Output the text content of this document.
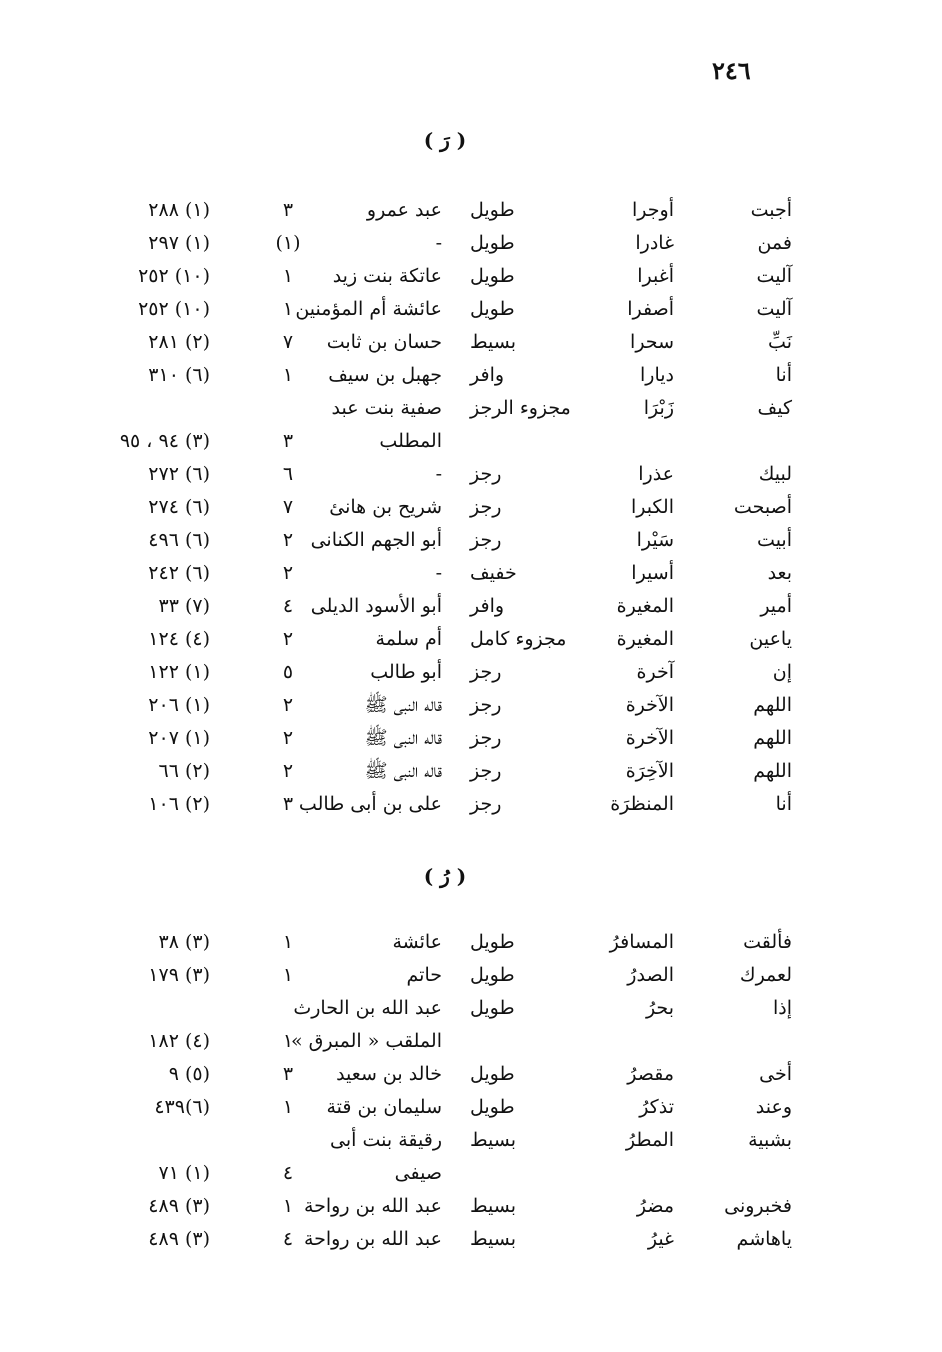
٢٤٦
( رَ )
( رُ )
أجبت
أوجرا
طويل
عبد عمرو
٣
(١) ٢٨٨
فمن
غادرا
طويل
-
(١)
(١) ٢٩٧
آليت
أغبرا
طويل
عاتكة بنت زيد
١
(١٠) ٢٥٢
آليت
أصفرا
طويل
عائشة أم المؤمنين
١
(١٠) ٢٥٢
نَبِّ
سحرا
بسيط
حسان بن ثابت
٧
(٢) ٢٨١
أنا
ديارا
وافر
جهبل بن سيف
١
(٦) ٣١٠
كيف
زَبْرَا
مجزوء الرجز
صفية بنت عبد
المطلب
٣
(٣) ٩٤ ، ٩٥
لبيك
عذرا
رجز
-
٦
(٦) ٢٧٢
أصبحت
الكبرا
رجز
شريح بن هانئ
٧
(٦) ٢٧٤
أبيت
سَيْرا
رجز
أبو الجهم الكنانى
٢
(٦) ٤٩٦
بعد
أسيرا
خفيف
-
٢
(٦) ٢٤٢
أمير
المغيرة
وافر
أبو الأسود الديلى
٤
(٧) ٣٣
ياعين
المغيرة
مجزوء كامل
أم سلمة
٢
(٤) ١٢٤
إن
آخرة
رجز
أبو طالب
٥
(١) ١٢٢
اللهم
الآخرة
رجز
قاله النبى ﷺ
٢
(١) ٢٠٦
اللهم
الآخرة
رجز
قاله النبى ﷺ
٢
(١) ٢٠٧
اللهم
الآخِرَة
رجز
قاله النبى ﷺ
٢
(٢) ٦٦
أنا
المنظرَة
رجز
على بن أبى طالب
٣
(٢) ١٠٦
فألقت
المسافرُ
طويل
عائشة
١
(٣) ٣٨
لعمرك
الصدرُ
طويل
حاتم
١
(٣) ١٧٩
إذا
بحرُ
طويل
عبد الله بن الحارث
الملقب « المبرق »
١
(٤) ١٨٢
أخى
مقصرُ
طويل
خالد بن سعيد
٣
(٥) ٩
وعند
تذكرُ
طويل
سليمان بن قتة
١
(٦)٤٣٩
بشبية
المطرُ
بسيط
رقيقة بنت أبى
صيفى
٤
(١) ٧١
فخبرونى
مضرُ
بسيط
عبد الله بن رواحة
١
(٣) ٤٨٩
ياهاشم
غيرُ
بسيط
عبد الله بن رواحة
٤
(٣) ٤٨٩
